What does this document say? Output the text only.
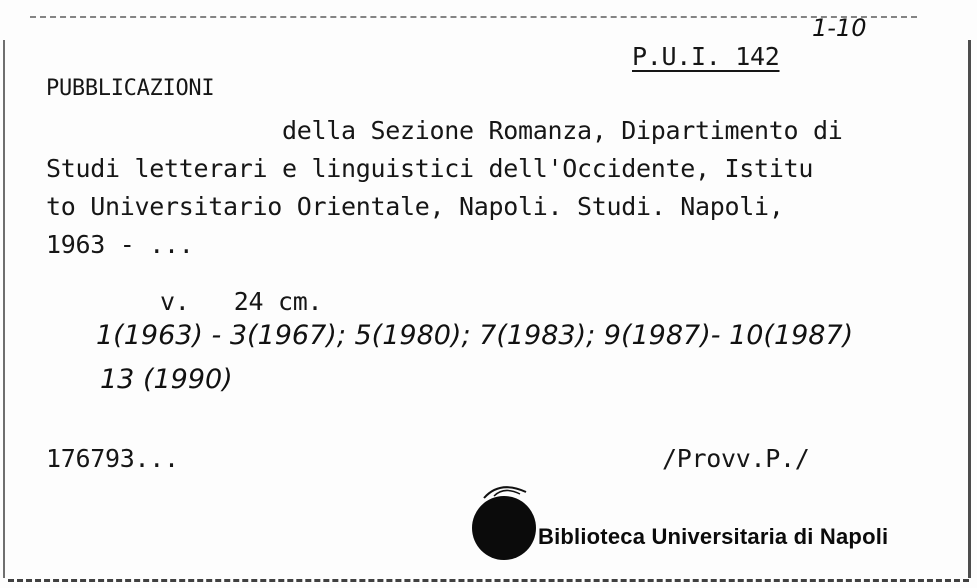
P.U.I. 142
1-10
PUBBLICAZIONI
della Sezione Romanza, Dipartimento di
Studi letterari e linguistici dell'Occidente, Istitu
to Universitario Orientale, Napoli. Studi. Napoli,
1963 - ...
v.   24 cm.
1(1963) - 3(1967); 5(1980); 7(1983); 9(1987)- 10(1987)
13 (1990)
176793...	/Provv.P./
Biblioteca Universitaria di Napoli
